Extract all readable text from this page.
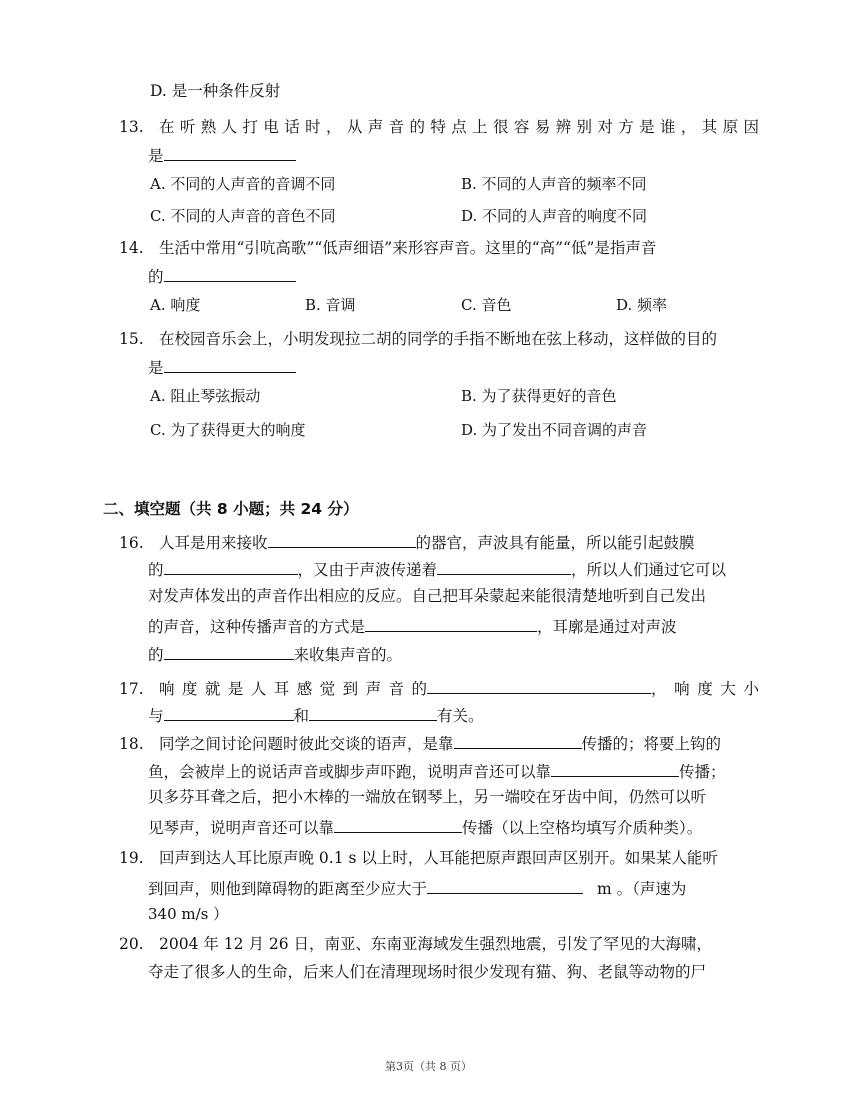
D. 是一种条件反射
13. 在听熟人打电话时，从声音的特点上很容易辨别对方是谁，其原因
是
A. 不同的人声音的音调不同	B. 不同的人声音的频率不同
C. 不同的人声音的音色不同	D. 不同的人声音的响度不同
14. 生活中常用“引吭高歌”“低声细语”来形容声音。这里的“高”“低”是指声音
的
A. 响度	B. 音调	C. 音色	D. 频率
15. 在校园音乐会上，小明发现拉二胡的同学的手指不断地在弦上移动，这样做的目的
是
A. 阻止琴弦振动	B. 为了获得更好的音色
C. 为了获得更大的响度	D. 为了发出不同音调的声音
二、填空题（共 8 小题；共 24 分）
16. 人耳是用来接收	的器官，声波具有能量，所以能引起鼓膜
的	，又由于声波传递着	，所以人们通过它可以
对发声体发出的声音作出相应的反应。自己把耳朵蒙起来能很清楚地听到自己发出
的声音，这种传播声音的方式是	，耳廓是通过对声波
的	来收集声音的。
17. 响度就是人耳感觉到声音的	，响度大小
与	和	有关。
18. 同学之间讨论问题时彼此交谈的语声，是靠	传播的；将要上钩的
鱼，会被岸上的说话声音或脚步声吓跑，说明声音还可以靠	传播；
贝多芬耳聋之后，把小木棒的一端放在钢琴上，另一端咬在牙齿中间，仍然可以听
见琴声，说明声音还可以靠	传播（以上空格均填写介质种类）。
19. 回声到达人耳比原声晚 0.1 s 以上时，人耳能把原声跟回声区别开。如果某人能听
到回声，则他到障碍物的距离至少应大于	m 。（声速为
340 m/s ）
20. 2004 年 12 月 26 日，南亚、东南亚海域发生强烈地震，引发了罕见的大海啸，
夺走了很多人的生命，后来人们在清理现场时很少发现有猫、狗、老鼠等动物的尸
第3页（共 8 页）
